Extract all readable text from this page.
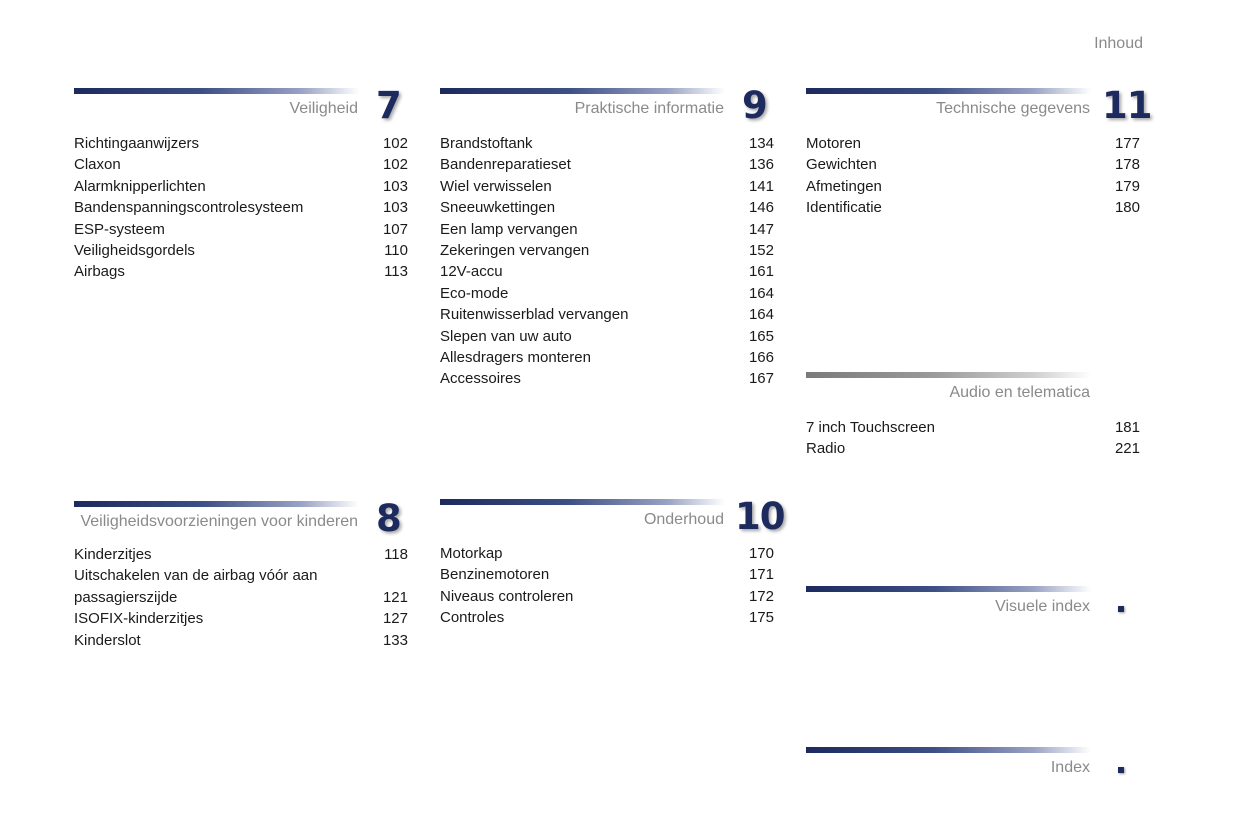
Inhoud
Veiligheid 7
Richtingaanwijzers	102
Claxon	102
Alarmknipperlichten	103
Bandenspanningscontrolesysteem	103
ESP-systeem	107
Veiligheidsgordels	110
Airbags	113
Praktische informatie 9
Brandstoftank	134
Bandenreparatieset	136
Wiel verwisselen	141
Sneeuwkettingen	146
Een lamp vervangen	147
Zekeringen vervangen	152
12V-accu	161
Eco-mode	164
Ruitenwisserblad vervangen	164
Slepen van uw auto	165
Allesdragers monteren	166
Accessoires	167
Technische gegevens 11
Motoren	177
Gewichten	178
Afmetingen	179
Identificatie	180
Audio en telematica
7 inch Touchscreen	181
Radio	221
Veiligheidsvoorzieningen voor kinderen 8
Kinderzitjes	118
Uitschakelen van de airbag vóór aan passagierszijde	121
ISOFIX-kinderzitjes	127
Kinderslot	133
Onderhoud 10
Motorkap	170
Benzinemotoren	171
Niveaus controleren	172
Controles	175
Visuele index
Index
